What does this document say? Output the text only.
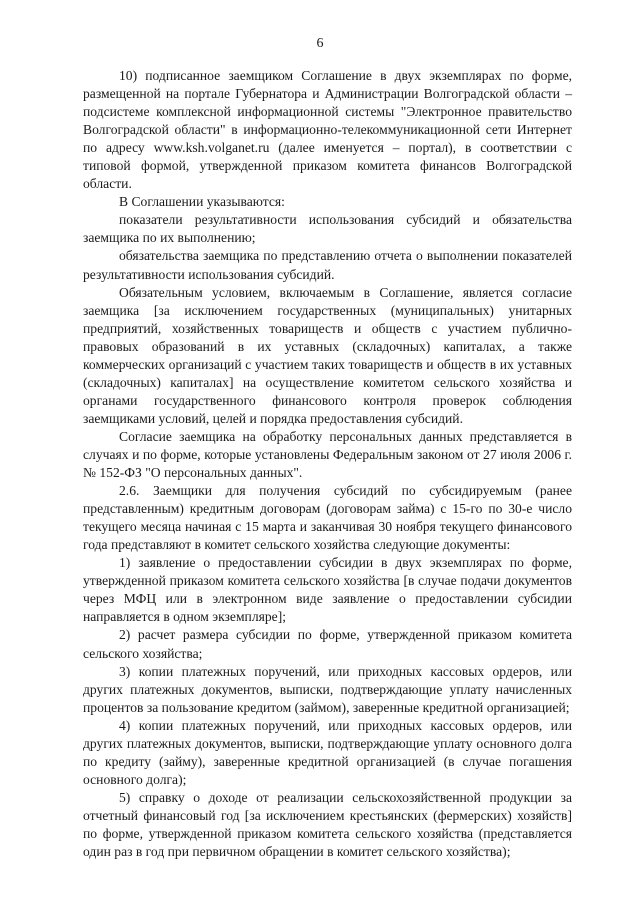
6

10) подписанное заемщиком Соглашение в двух экземплярах по форме, размещенной на портале Губернатора и Администрации Волгоградской области – подсистеме комплексной информационной системы "Электронное правительство Волгоградской области" в информационно-телекоммуникационной сети Интернет по адресу www.ksh.volganet.ru (далее именуется – портал), в соответствии с типовой формой, утвержденной приказом комитета финансов Волгоградской области.

В Соглашении указываются:

показатели результативности использования субсидий и обязательства заемщика по их выполнению;

обязательства заемщика по представлению отчета о выполнении показателей результативности использования субсидий.

Обязательным условием, включаемым в Соглашение, является согласие заемщика [за исключением государственных (муниципальных) унитарных предприятий, хозяйственных товариществ и обществ с участием публично-правовых образований в их уставных (складочных) капиталах, а также коммерческих организаций с участием таких товариществ и обществ в их уставных (складочных) капиталах] на осуществление комитетом сельского хозяйства и органами государственного финансового контроля проверок соблюдения заемщиками условий, целей и порядка предоставления субсидий.

Согласие заемщика на обработку персональных данных представляется в случаях и по форме, которые установлены Федеральным законом от 27 июля 2006 г. № 152-ФЗ "О персональных данных".

2.6. Заемщики для получения субсидий по субсидируемым (ранее представленным) кредитным договорам (договорам займа) с 15-го по 30-е число текущего месяца начиная с 15 марта и заканчивая 30 ноября текущего финансового года представляют в комитет сельского хозяйства следующие документы:

1) заявление о предоставлении субсидии в двух экземплярах по форме, утвержденной приказом комитета сельского хозяйства [в случае подачи документов через МФЦ или в электронном виде заявление о предоставлении субсидии направляется в одном экземпляре];

2) расчет размера субсидии по форме, утвержденной приказом комитета сельского хозяйства;

3) копии платежных поручений, или приходных кассовых ордеров, или других платежных документов, выписки, подтверждающие уплату начисленных процентов за пользование кредитом (займом), заверенные кредитной организацией;

4) копии платежных поручений, или приходных кассовых ордеров, или других платежных документов, выписки, подтверждающие уплату основного долга по кредиту (займу), заверенные кредитной организацией (в случае погашения основного долга);

5) справку о доходе от реализации сельскохозяйственной продукции за отчетный финансовый год [за исключением крестьянских (фермерских) хозяйств] по форме, утвержденной приказом комитета сельского хозяйства (представляется один раз в год при первичном обращении в комитет сельского хозяйства);
